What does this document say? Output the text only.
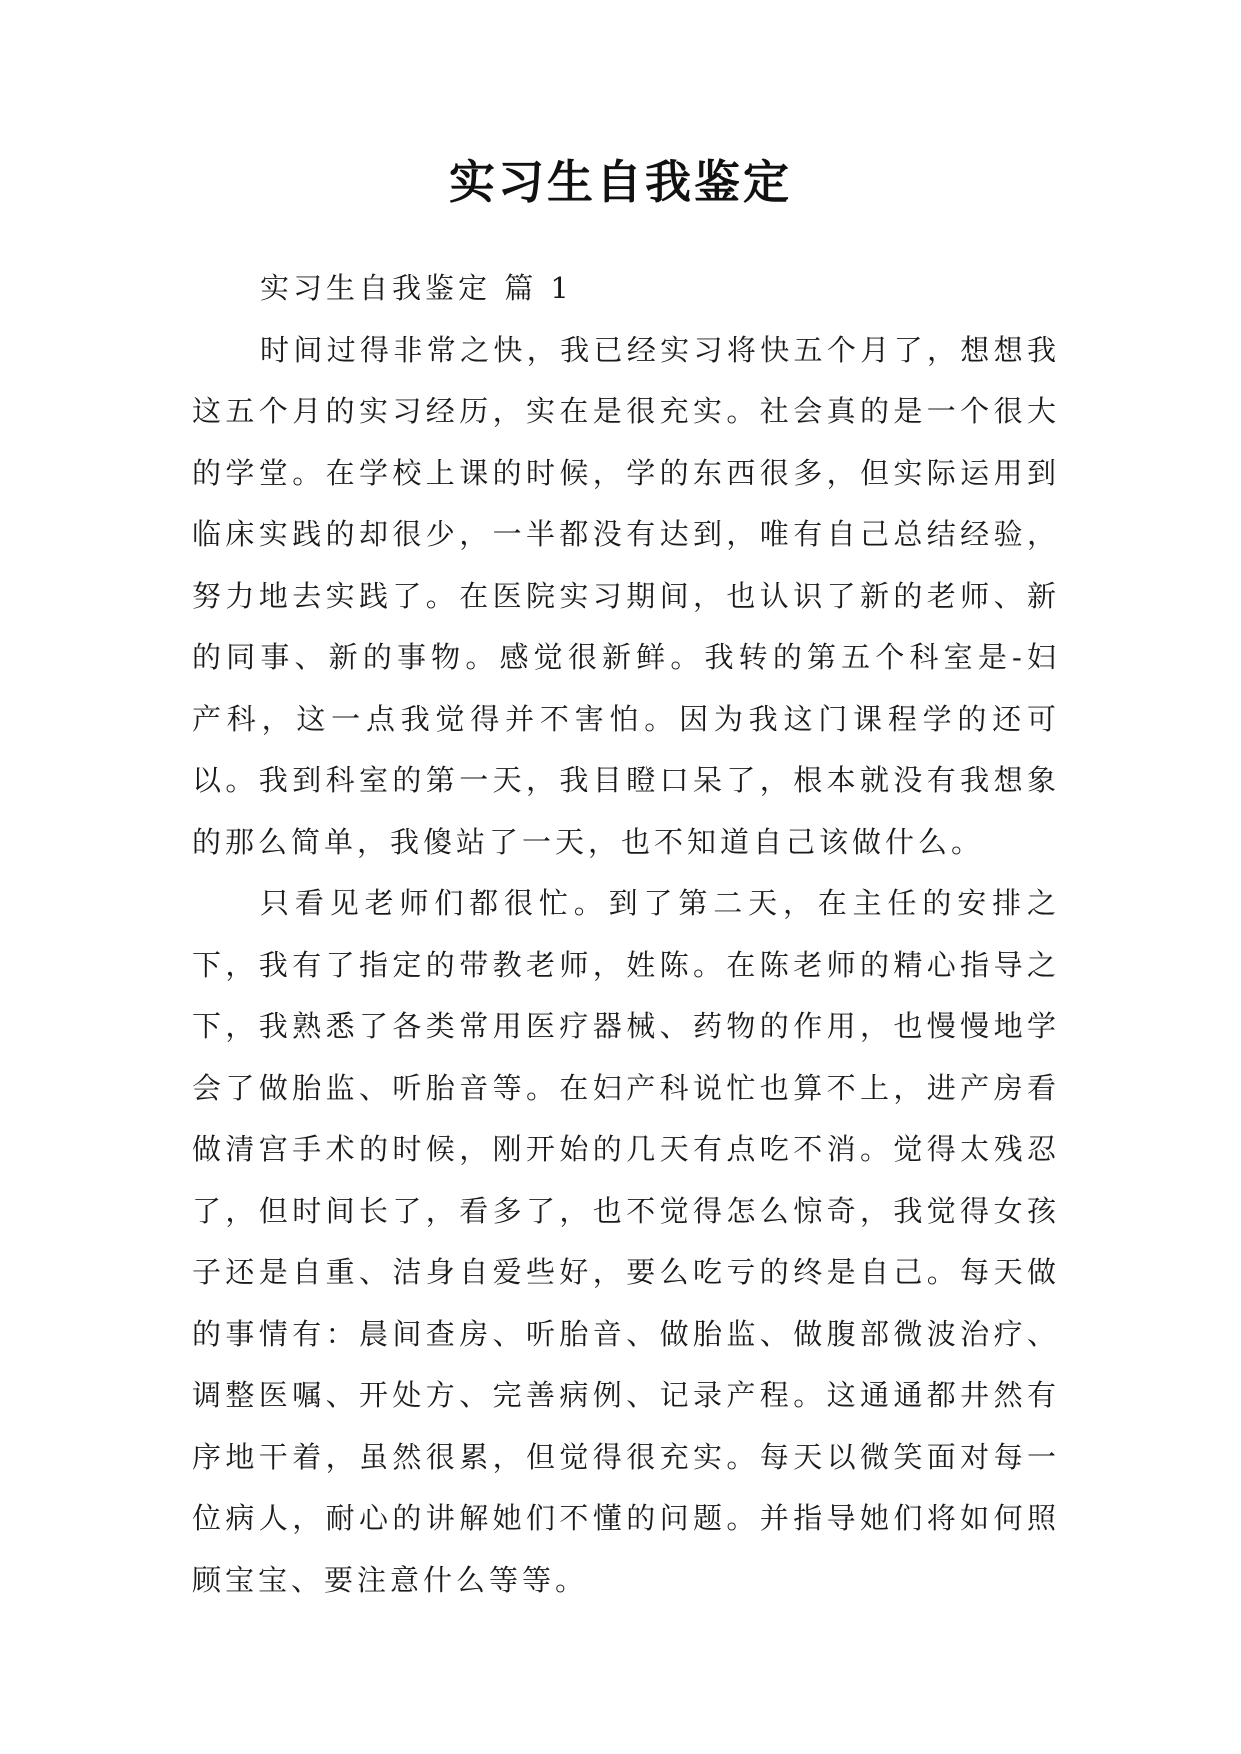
实习生自我鉴定

实习生自我鉴定 篇 1

时间过得非常之快，我已经实习将快五个月了，想想我这五个月的实习经历，实在是很充实。社会真的是一个很大的学堂。在学校上课的时候，学的东西很多，但实际运用到临床实践的却很少，一半都没有达到，唯有自己总结经验，努力地去实践了。在医院实习期间，也认识了新的老师、新的同事、新的事物。感觉很新鲜。我转的第五个科室是-妇产科，这一点我觉得并不害怕。因为我这门课程学的还可以。我到科室的第一天，我目瞪口呆了，根本就没有我想象的那么简单，我傻站了一天，也不知道自己该做什么。

只看见老师们都很忙。到了第二天，在主任的安排之下，我有了指定的带教老师，姓陈。在陈老师的精心指导之下，我熟悉了各类常用医疗器械、药物的作用，也慢慢地学会了做胎监、听胎音等。在妇产科说忙也算不上，进产房看做清宫手术的时候，刚开始的几天有点吃不消。觉得太残忍了，但时间长了，看多了，也不觉得怎么惊奇，我觉得女孩子还是自重、洁身自爱些好，要么吃亏的终是自己。每天做的事情有：晨间查房、听胎音、做胎监、做腹部微波治疗、调整医嘱、开处方、完善病例、记录产程。这通通都井然有序地干着，虽然很累，但觉得很充实。每天以微笑面对每一位病人，耐心的讲解她们不懂的问题。并指导她们将如何照顾宝宝、要注意什么等等。
